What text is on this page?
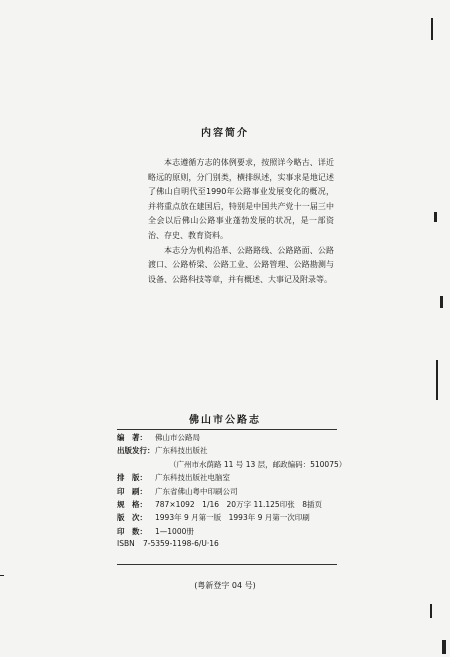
内容简介

本志遵循方志的体例要求，按照详今略古、详近略远的原则，分门别类，横排纵述，实事求是地记述了佛山自明代至1990年公路事业发展变化的概况，并将重点放在建国后，特别是中国共产党十一届三中全会以后佛山公路事业蓬勃发展的状况，是一部资治、存史、教育资料。

本志分为机构沿革、公路路线、公路路面、公路渡口、公路桥梁、公路工业、公路管理、公路勘测与设备、公路科技等章，并有概述、大事记及附录等。

佛山市公路志
编　著：	佛山市公路局
出版发行： 广东科技出版社
（广州市水荫路 11 号 13 层，邮政编码：510075）
排　版：	广东科技出版社电脑室
印　刷：	广东省佛山粤中印刷公司
规　格：	787×1092　1/16　20万字 11.125印张　8插页
版　次：	1993年 9 月第一版　1993年 9 月第一次印刷
印　数：	1—1000册
ISBN	7-5359-1198-6/U·16
(粤新登字 04 号)
